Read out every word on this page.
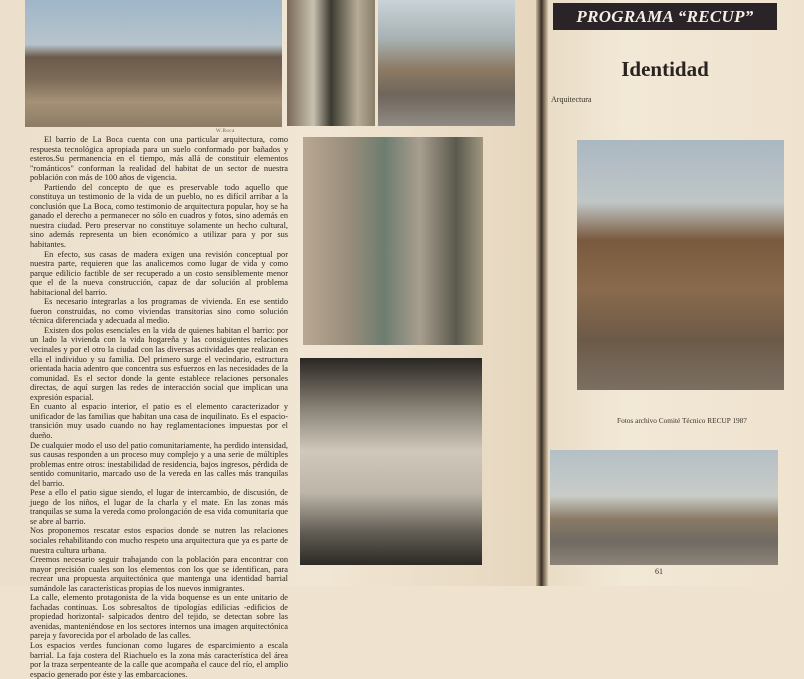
W.Boca

El barrio de La Boca cuenta con una particular arquitectura, como respuesta tecnológica apropiada para un suelo conformado por bañados y esteros.Su permanencia en el tiempo, más allá de constituir elementos "románticos" conforman la realidad del habitat de un sector de nuestra población con más de 100 años de vigencia.

Partiendo del concepto de que es preservable todo aquello que constituya un testimonio de la vida de un pueblo, no es difícil arribar a la conclusión que La Boca, como testimonio de arquitectura popular, hoy se ha ganado el derecho a permanecer no sólo en cuadros y fotos, sino además en nuestra ciudad. Pero preservar no constituye solamente un hecho cultural, sino además representa un bien económico a utilizar para y por sus habitantes.

En efecto, sus casas de madera exigen una revisión conceptual por nuestra parte, requieren que las analicemos como lugar de vida y como parque edilicio factible de ser recuperado a un costo sensiblemente menor que el de la nueva construcción, capaz de dar solución al problema habitacional del barrio.

Es necesario integrarlas a los programas de vivienda. En ese sentido fueron construidas, no como viviendas transitorias sino como solución técnica diferenciada y adecuada al medio.

Existen dos polos esenciales en la vida de quienes habitan el barrio: por un lado la vivienda con la vida hogareña y las consiguientes relaciones vecinales y por el otro la ciudad con las diversas actividades que realizan en ella el individuo y su familia. Del primero surge el vecindario, estructura orientada hacia adentro que concentra sus esfuerzos en las necesidades de la comunidad. Es el sector donde la gente establece relaciones personales directas, de aquí surgen las redes de interacción social que implican una expresión espacial.

En cuanto al espacio interior, el patio es el elemento caracterizador y unificador de las familias que habitan una casa de inquilinato. Es el espacio-transición muy usado cuando no hay reglamentaciones impuestas por el dueño.

De cualquier modo el uso del patio comunitariamente, ha perdido intensidad, sus causas responden a un proceso muy complejo y a una serie de múltiples problemas entre otros: inestabilidad de residencia, bajos ingresos, pérdida de sentido comunitario, marcado uso de la vereda en las calles más tranquilas del barrio.

Pese a ello el patio sigue siendo, el lugar de intercambio, de discusión, de juego de los niños, el lugar de la charla y el mate. En las zonas más tranquilas se suma la vereda como prolongación de esa vida comunitaria que se abre al barrio.

Nos proponemos rescatar estos espacios donde se nutren las relaciones sociales rehabilitando con mucho respeto una arquitectura que ya es parte de nuestra cultura urbana.

Creemos necesario seguir trabajando con la población para encontrar con mayor precisión cuales son los elementos con los que se identifican, para recrear una propuesta arquitectónica que mantenga una identidad barrial sumándole las características propias de los nuevos inmigrantes.

La calle, elemento protagonista de la vida boquense es un ente unitario de fachadas continuas. Los sobresaltos de tipologías edilicias -edificios de propiedad horizontal- salpicados dentro del tejido, se detectan sobre las avenidas, manteniéndose en los sectores internos una imagen arquitectónica pareja y favorecida por el arbolado de las calles.

Los espacios verdes funcionan como lugares de esparcimiento a escala barrial. La faja costera del Riachuelo es la zona más característica del área por la traza serpenteante de la calle que acompaña el cauce del río, el amplio espacio generado por éste y las embarcaciones.

PROGRAMA “RECUP”
Identidad
Arquitectura
Fotos archivo Comité Técnico RECUP 1987
61
